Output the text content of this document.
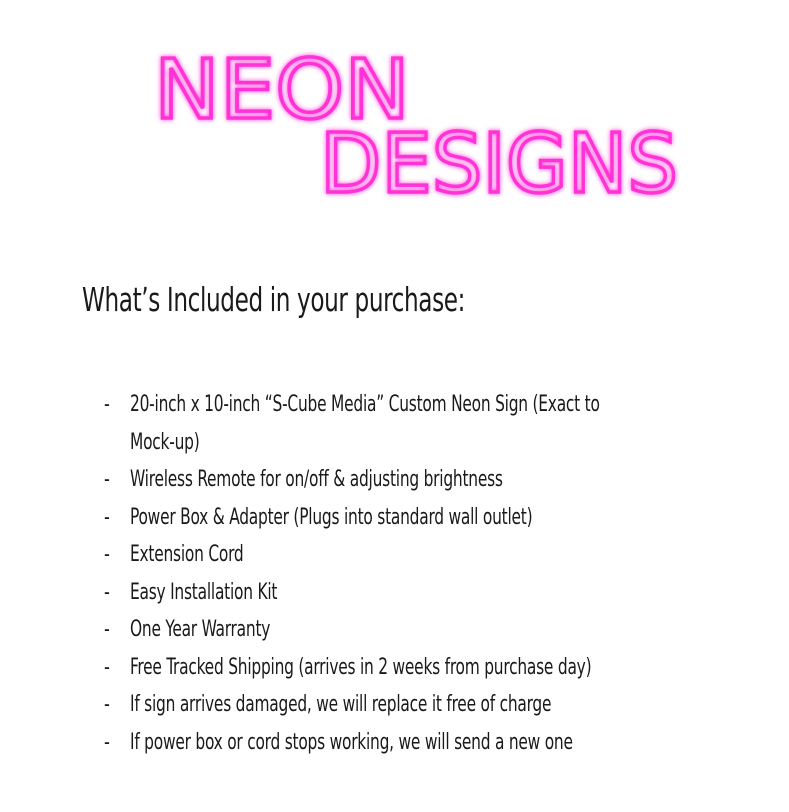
NEON
DESIGNS
What’s Included in your purchase:
- 20-inch x 10-inch “S-Cube Media” Custom Neon Sign (Exact to
Mock-up)
- Wireless Remote for on/off & adjusting brightness
- Power Box & Adapter (Plugs into standard wall outlet)
- Extension Cord
- Easy Installation Kit
- One Year Warranty
- Free Tracked Shipping (arrives in 2 weeks from purchase day)
- If sign arrives damaged, we will replace it free of charge
- If power box or cord stops working, we will send a new one
